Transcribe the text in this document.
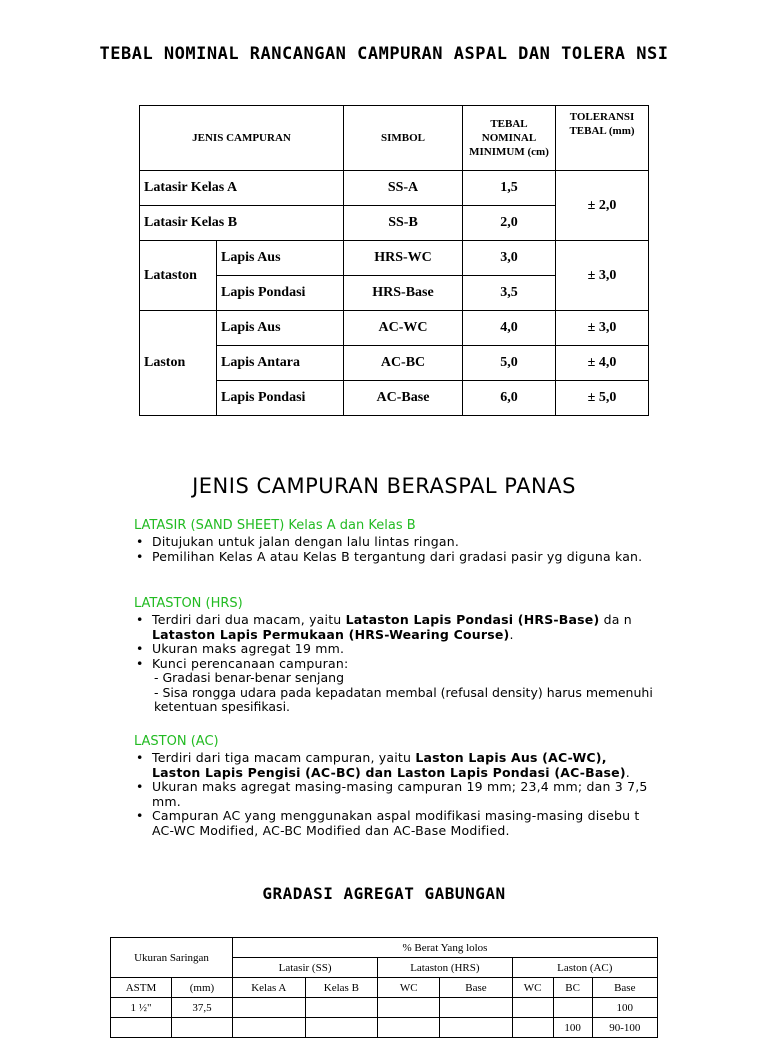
TEBAL NOMINAL RANCANGAN CAMPURAN ASPAL DAN TOLERA NSI
JENIS CAMPURAN		SIMBOL	TEBAL NOMINAL MINIMUM (cm)	TOLERANSI TEBAL (mm)
Latasir Kelas A		SS-A	1,5	± 2,0
Latasir Kelas B		SS-B	2,0	
Lataston	Lapis Aus	HRS-WC	3,0	± 3,0
	Lapis Pondasi	HRS-Base	3,5	
Laston	Lapis Aus	AC-WC	4,0	± 3,0
	Lapis Antara	AC-BC	5,0	± 4,0
	Lapis Pondasi	AC-Base	6,0	± 5,0
JENIS CAMPURAN BERASPAL PANAS
LATASIR (SAND SHEET) Kelas A dan Kelas B
• Ditujukan untuk jalan dengan lalu lintas ringan.
• Pemilihan Kelas A atau Kelas B tergantung dari gradasi pasir yg diguna kan.
LATASTON (HRS)
• Terdiri dari dua macam, yaitu Lataston Lapis Pondasi (HRS-Base) da n Lataston Lapis Permukaan (HRS-Wearing Course).
• Ukuran maks agregat 19 mm.
• Kunci perencanaan campuran:
- Gradasi benar-benar senjang
- Sisa rongga udara pada kepadatan membal (refusal density) harus memenuhi ketentuan spesifikasi.
LASTON (AC)
• Terdiri dari tiga macam campuran, yaitu Laston Lapis Aus (AC-WC), Laston Lapis Pengisi (AC-BC) dan Laston Lapis Pondasi (AC-Base).
• Ukuran maks agregat masing-masing campuran 19 mm; 23,4 mm; dan 3 7,5 mm.
• Campuran AC yang menggunakan aspal modifikasi masing-masing disebu t AC-WC Modified, AC-BC Modified dan AC-Base Modified.
GRADASI AGREGAT GABUNGAN
Ukuran Saringan		% Berat Yang lolos						
		Latasir (SS)		Lataston (HRS)		Laston (AC)		
ASTM	(mm)	Kelas A	Kelas B	WC	Base	WC	BC	Base
1 ½"	37,5							100
							100	90-100
